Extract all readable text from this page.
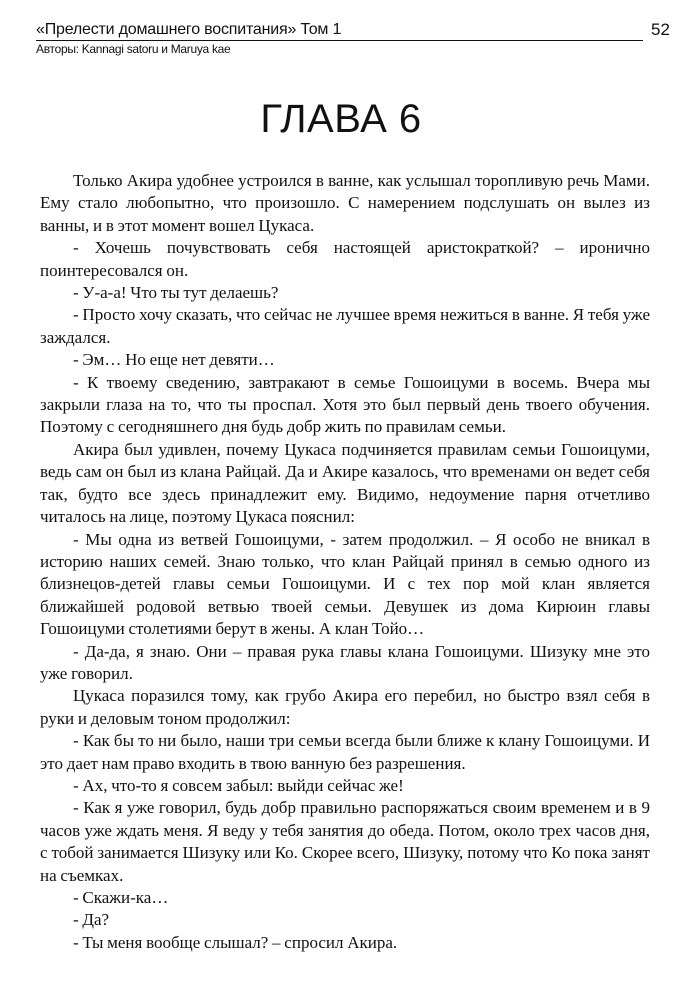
«Прелести домашнего воспитания» Том 1	52
Авторы: Kannagi satoru и Maruya kae
ГЛАВА 6

Только Акира удобнее устроился в ванне, как услышал торопливую речь Мами. Ему стало любопытно, что произошло. С намерением подслушать он вылез из ванны, и в этот момент вошел Цукаса.

- Хочешь почувствовать себя настоящей аристократкой? – иронично поинтересовался он.

- У-а-а! Что ты тут делаешь?

- Просто хочу сказать, что сейчас не лучшее время нежиться в ванне. Я тебя уже заждался.

- Эм… Но еще нет девяти…

- К твоему сведению, завтракают в семье Гошоицуми в восемь. Вчера мы закрыли глаза на то, что ты проспал. Хотя это был первый день твоего обучения. Поэтому с сегодняшнего дня будь добр жить по правилам семьи.

Акира был удивлен, почему Цукаса подчиняется правилам семьи Гошоицуми, ведь сам он был из клана Райцай. Да и Акире казалось, что временами он ведет себя так, будто все здесь принадлежит ему. Видимо, недоумение парня отчетливо читалось на лице, поэтому Цукаса пояснил:

- Мы одна из ветвей Гошоицуми, - затем продолжил. – Я особо не вникал в историю наших семей. Знаю только, что клан Райцай принял в семью одного из близнецов-детей главы семьи Гошоицуми. И с тех пор мой клан является ближайшей родовой ветвью твоей семьи. Девушек из дома Кирюин главы Гошоицуми столетиями берут в жены. А клан Тойо…

- Да-да, я знаю. Они – правая рука главы клана Гошоицуми. Шизуку мне это уже говорил.

Цукаса поразился тому, как грубо Акира его перебил, но быстро взял себя в руки и деловым тоном продолжил:

- Как бы то ни было, наши три семьи всегда были ближе к клану Гошоицуми. И это дает нам право входить в твою ванную без разрешения.

- Ах, что-то я совсем забыл: выйди сейчас же!

- Как я уже говорил, будь добр правильно распоряжаться своим временем и в 9 часов уже ждать меня. Я веду у тебя занятия до обеда. Потом, около трех часов дня, с тобой занимается Шизуку или Ко. Скорее всего, Шизуку, потому что Ко пока занят на съемках.

- Скажи-ка…

- Да?

- Ты меня вообще слышал? – спросил Акира.
